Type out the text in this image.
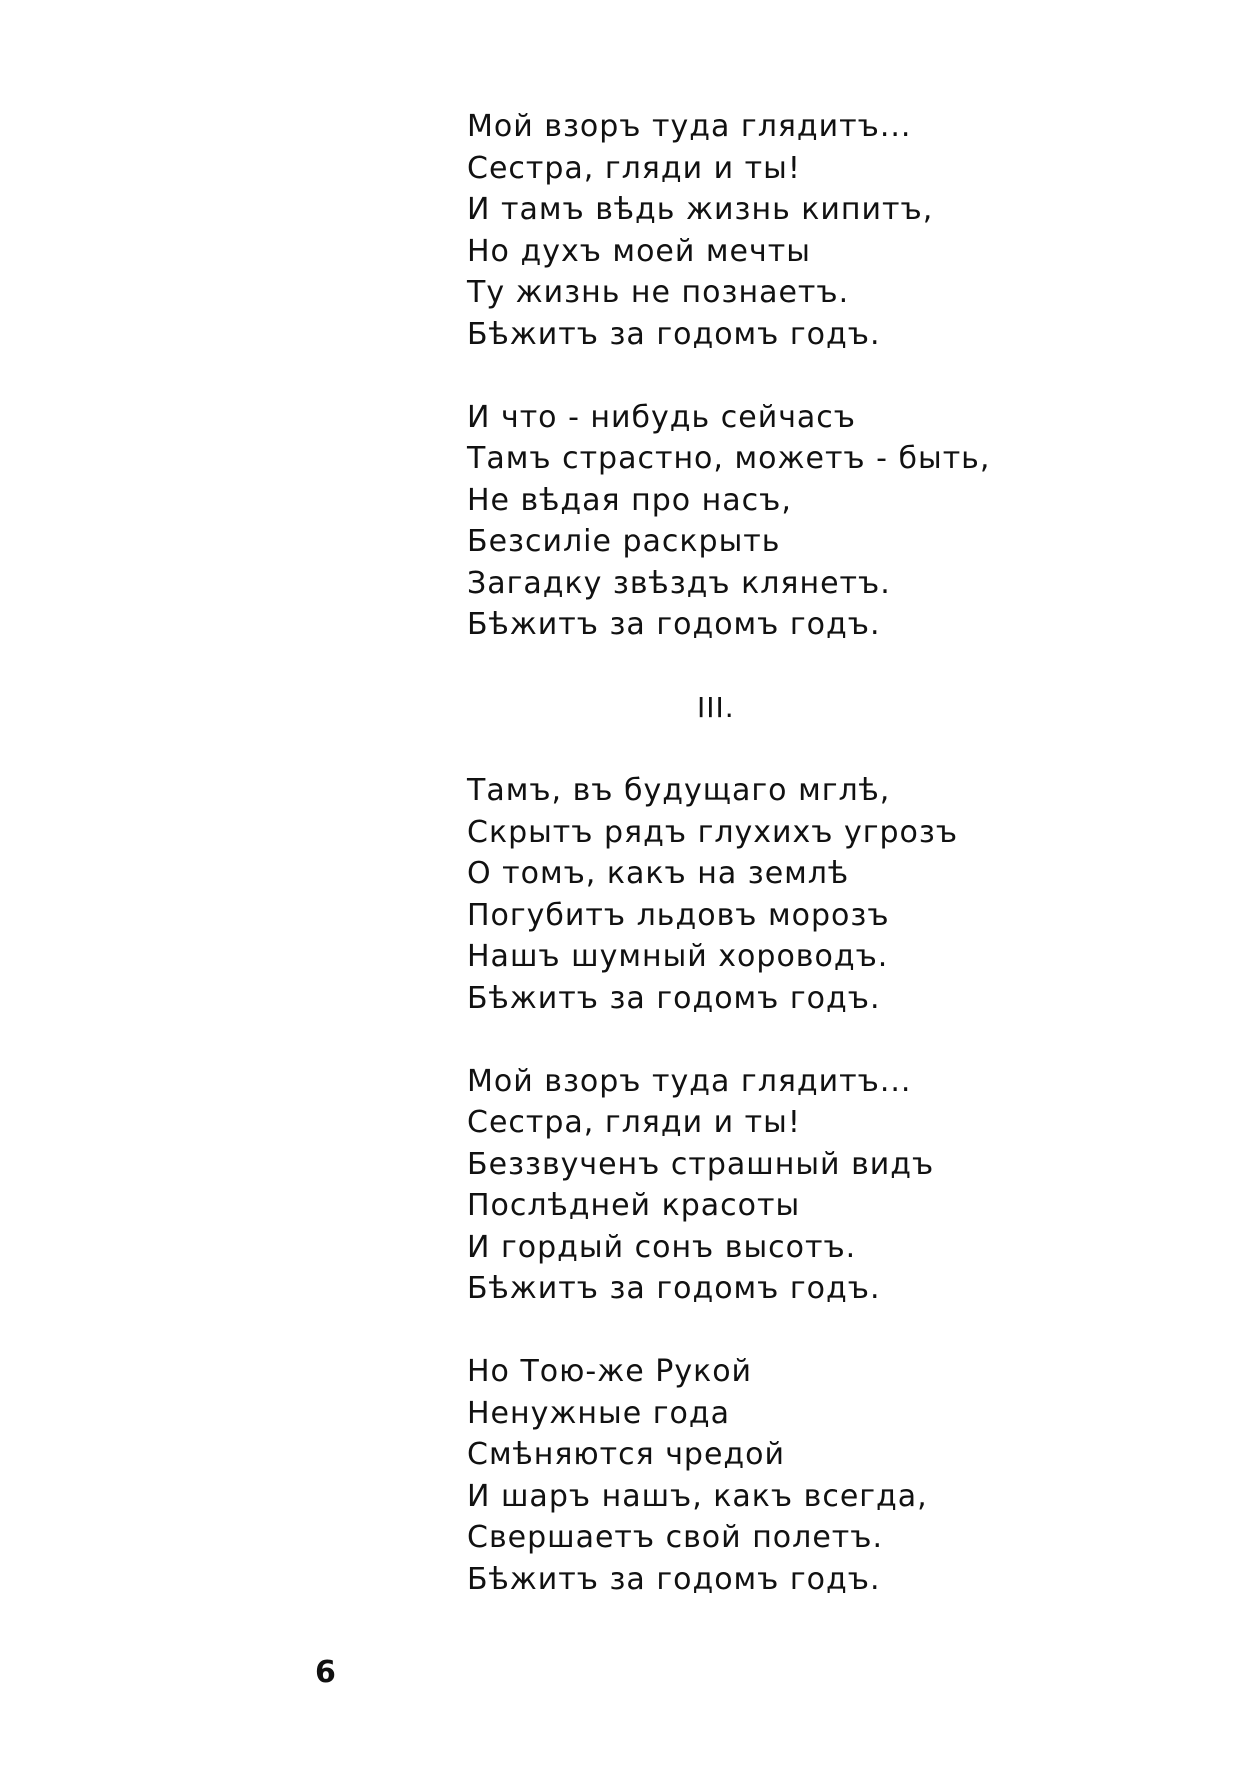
Мой взоръ туда глядитъ...
Сестра, гляди и ты!
И тамъ вѣдь жизнь кипитъ,
Но духъ моей мечты
Ту жизнь не познаетъ.
Бѣжитъ за годомъ годъ.
И что - нибудь сейчасъ
Тамъ страстно, можетъ - быть,
Не вѣдая про насъ,
Безсиліе раскрыть
Загадку звѣздъ клянетъ.
Бѣжитъ за годомъ годъ.
III.
Тамъ, въ будущаго мглѣ,
Скрытъ рядъ глухихъ угрозъ
О томъ, какъ на землѣ
Погубитъ льдовъ морозъ
Нашъ шумный хороводъ.
Бѣжитъ за годомъ годъ.
Мой взоръ туда глядитъ...
Сестра, гляди и ты!
Беззвученъ страшный видъ
Послѣдней красоты
И гордый сонъ высотъ.
Бѣжитъ за годомъ годъ.
Но Тою-же Рукой
Ненужные года
Смѣняются чредой
И шаръ нашъ, какъ всегда,
Свершаетъ свой полетъ.
Бѣжитъ за годомъ годъ.
6
